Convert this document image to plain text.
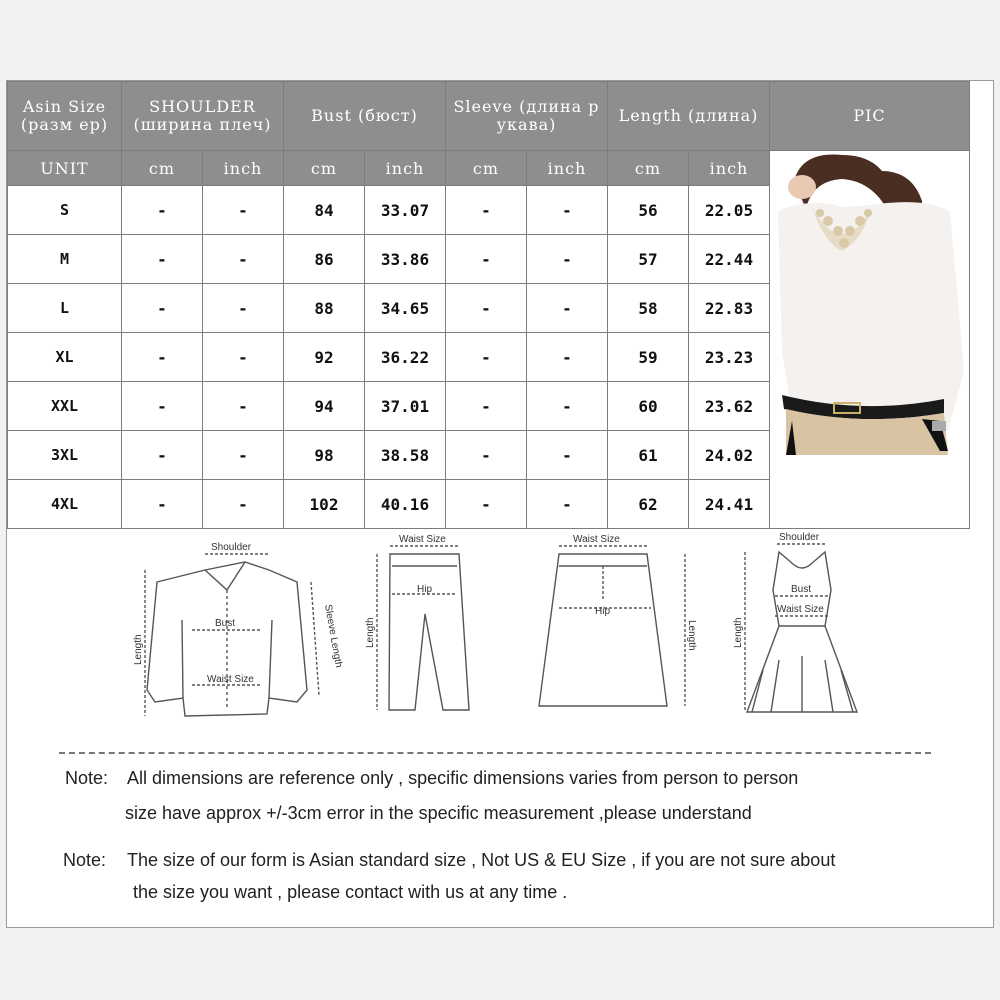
Asin Size (разм ер)	SHOULDER (ширина плеч)		Bust (бюст)		Sleeve (длина р укава)		Length (длина)		PIC
UNIT	cm	inch	cm	inch	cm	inch	cm	inch	

S	-	-	84	33.07	-	-	56	22.05	
M	-	-	86	33.86	-	-	57	22.44	
L	-	-	88	34.65	-	-	58	22.83	
XL	-	-	92	36.22	-	-	59	23.23	
XXL	-	-	94	37.01	-	-	60	23.62	
3XL	-	-	98	38.58	-	-	61	24.02	
4XL	-	-	102	40.16	-	-	62	24.41	
Shoulder
Bust
Waist Size
Length	Sleeve Length
Waist Size
Hip
Length
Waist Size
Hip
Length
Shoulder
Bust
Waist Size
Length
Note: All dimensions are reference only , specific dimensions varies from person to person
size have approx +/-3cm error in the specific measurement ,please understand
Note: The size of our form is Asian standard size , Not US & EU Size , if you are not sure about
the size you want , please contact with us at any time .
